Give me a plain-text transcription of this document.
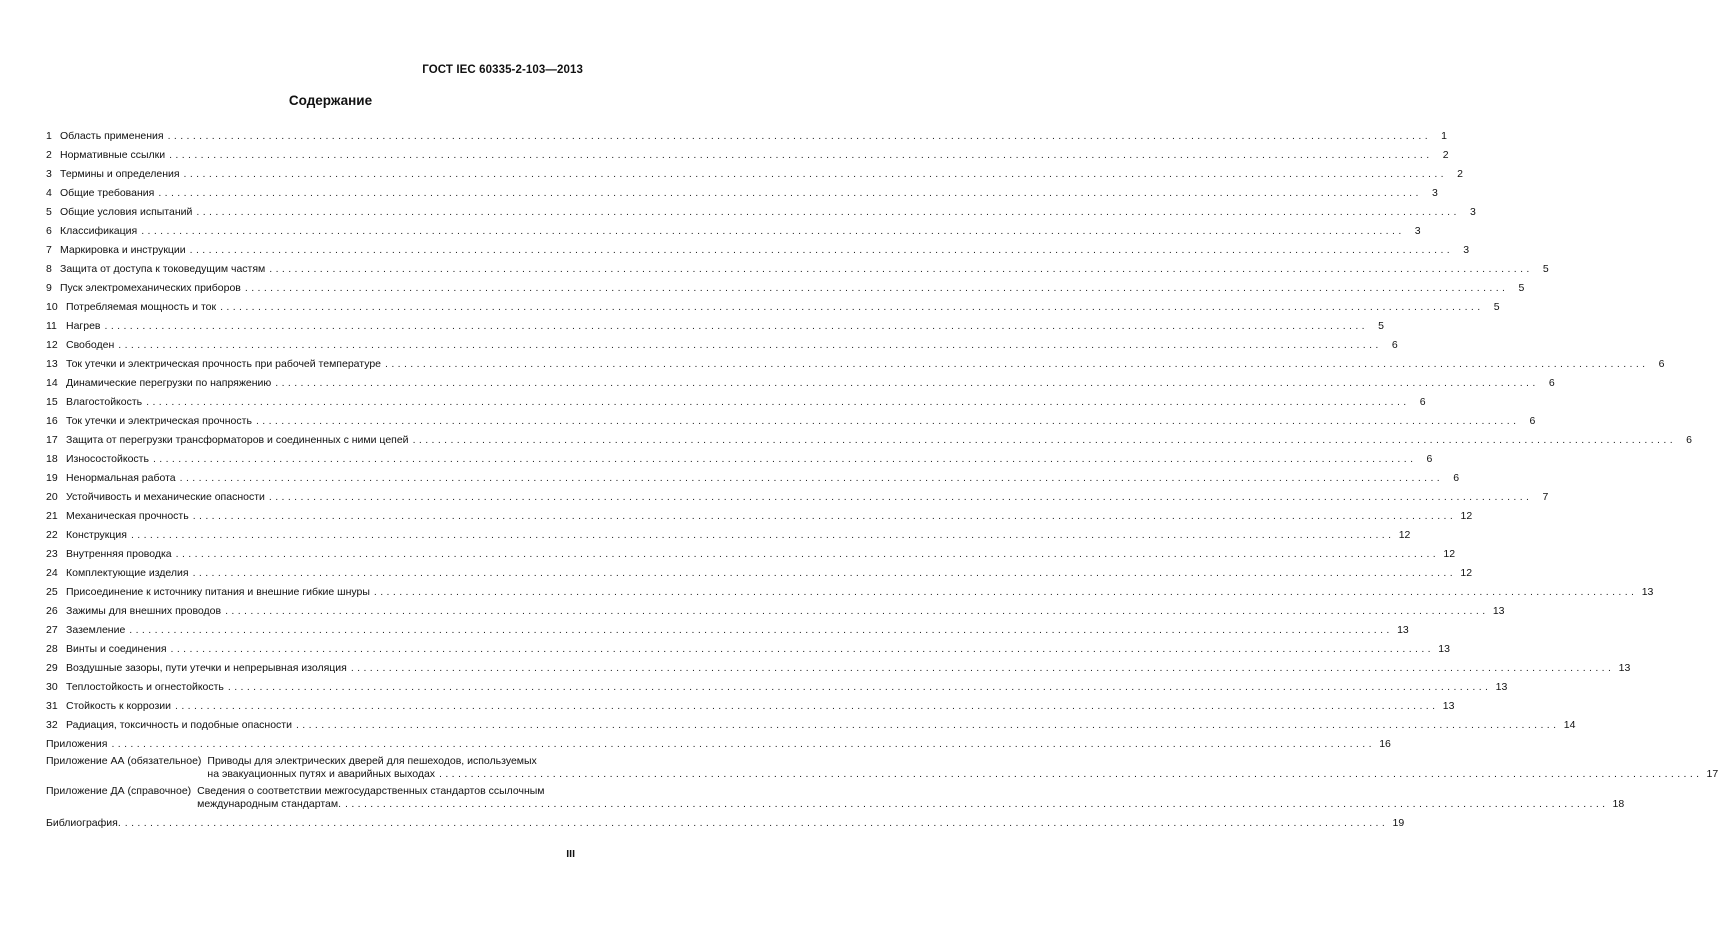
ГОСТ IEC 60335-2-103—2013
Содержание
1 Область применения ........................................................................................................................................................................................................ 1
2 Нормативные ссылки ........................................................................................................................................................................................................ 2
3 Термины и определения ........................................................................................................................................................................................................ 2
4 Общие требования ........................................................................................................................................................................................................ 3
5 Общие условия испытаний ........................................................................................................................................................................................................ 3
6 Классификация ........................................................................................................................................................................................................ 3
7 Маркировка и инструкции ........................................................................................................................................................................................................ 3
8 Защита от доступа к токоведущим частям ........................................................................................................................................................................................................ 5
9 Пуск электромеханических приборов ........................................................................................................................................................................................................ 5
10 Потребляемая мощность и ток ........................................................................................................................................................................................................ 5
11 Нагрев ........................................................................................................................................................................................................ 5
12 Свободен ........................................................................................................................................................................................................ 6
13 Ток утечки и электрическая прочность при рабочей температуре ........................................................................................................................................................................................................ 6
14 Динамические перегрузки по напряжению ........................................................................................................................................................................................................ 6
15 Влагостойкость ........................................................................................................................................................................................................ 6
16 Ток утечки и электрическая прочность ........................................................................................................................................................................................................ 6
17 Защита от перегрузки трансформаторов и соединенных с ними цепей ........................................................................................................................................................................................................ 6
18 Износостойкость ........................................................................................................................................................................................................ 6
19 Ненормальная работа ........................................................................................................................................................................................................ 6
20 Устойчивость и механические опасности ........................................................................................................................................................................................................ 7
21 Механическая прочность ........................................................................................................................................................................................................ 12
22 Конструкция ........................................................................................................................................................................................................ 12
23 Внутренняя проводка ........................................................................................................................................................................................................ 12
24 Комплектующие изделия ........................................................................................................................................................................................................ 12
25 Присоединение к источнику питания и внешние гибкие шнуры ........................................................................................................................................................................................................ 13
26 Зажимы для внешних проводов ........................................................................................................................................................................................................ 13
27 Заземление ........................................................................................................................................................................................................ 13
28 Винты и соединения ........................................................................................................................................................................................................ 13
29 Воздушные зазоры, пути утечки и непрерывная изоляция ........................................................................................................................................................................................................ 13
30 Теплостойкость и огнестойкость ........................................................................................................................................................................................................ 13
31 Стойкость к коррозии ........................................................................................................................................................................................................ 13
32 Радиация, токсичность и подобные опасности ........................................................................................................................................................................................................ 14
Приложения ........................................................................................................................................................................................................ 16
Приложение АА (обязательное) Приводы для электрических дверей для пешеходов, используемых
на эвакуационных путях и аварийных выходах ........................................................................................................................................................................................................ 17
Приложение ДА (справочное) Сведения о соответствии межгосударственных стандартов ссылочным
международным стандартам. ........................................................................................................................................................................................................ 18
Библиография. ........................................................................................................................................................................................................ 19
III
